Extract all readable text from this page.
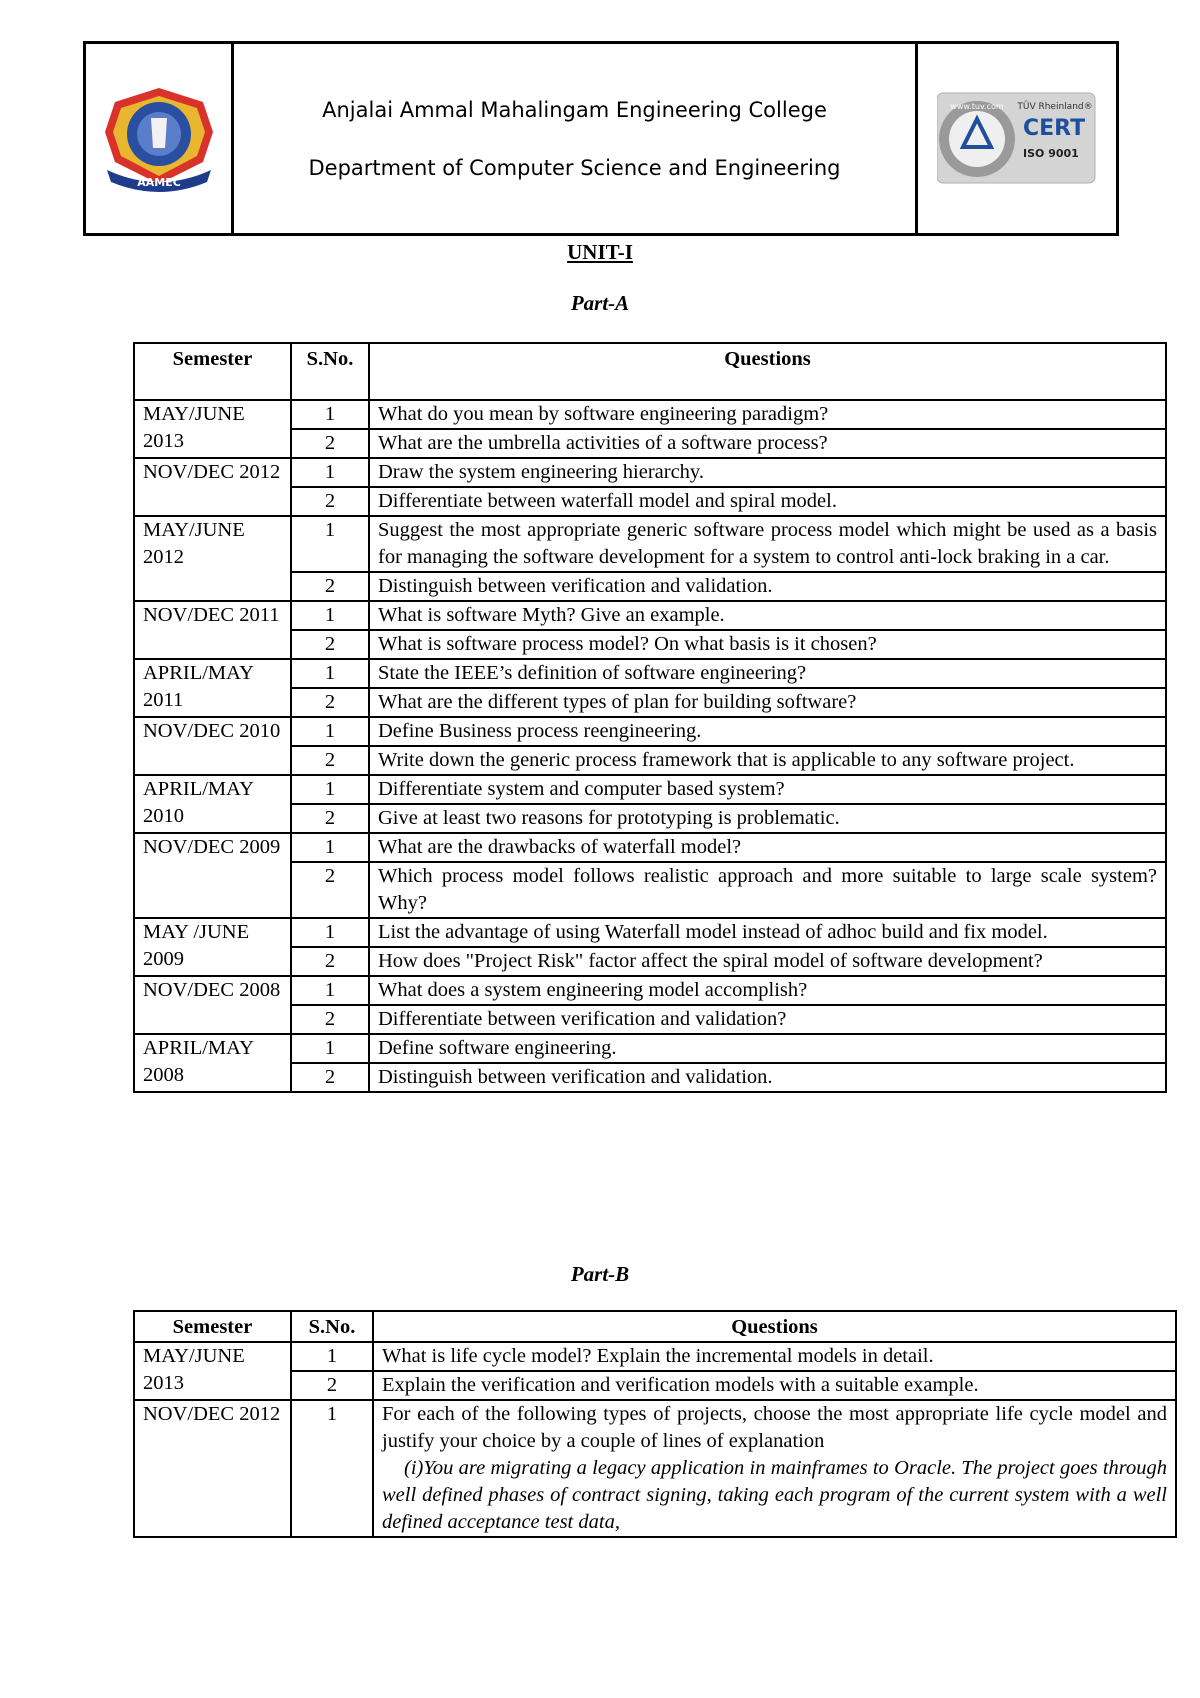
AAMEC
Anjalai Ammal Mahalingam Engineering College
Department of Computer Science and Engineering
www.tuv.com TÜV Rheinland®
CERT
ISO 9001
UNIT-I
Part-A
Semester	S.No.	Questions
MAY/JUNE 2013	1	What do you mean by software engineering paradigm?
	2	What are the umbrella activities of a software process?
NOV/DEC 2012	1	Draw the system engineering hierarchy.
	2	Differentiate between waterfall model and spiral model.
MAY/JUNE 2012	1	Suggest the most appropriate generic software process model which might be used as a basis for managing the software development for a system to control anti-lock braking in a car.
	2	Distinguish between verification and validation.
NOV/DEC 2011	1	What is software Myth? Give an example.
	2	What is software process model? On what basis is it chosen?
APRIL/MAY 2011	1	State the IEEE’s definition of software engineering?
	2	What are the different types of plan for building software?
NOV/DEC 2010	1	Define Business process reengineering.
	2	Write down the generic process framework that is applicable to any software project.
APRIL/MAY 2010	1	Differentiate system and computer based system?
	2	Give at least two reasons for prototyping is problematic.
NOV/DEC 2009	1	What are the drawbacks of waterfall model?
	2	Which process model follows realistic approach and more suitable to large scale system? Why?
MAY /JUNE 2009	1	List the advantage of using Waterfall model instead of adhoc build and fix model.
	2	How does "Project Risk" factor affect the spiral model of software development?
NOV/DEC 2008	1	What does a system engineering model accomplish?
	2	Differentiate between verification and validation?
APRIL/MAY 2008	1	Define software engineering.
	2	Distinguish between verification and validation.
Part-B
Semester	S.No.	Questions
MAY/JUNE 2013	1	What is life cycle model? Explain the incremental models in detail.
	2	Explain the verification and verification models with a suitable example.
NOV/DEC 2012	1	For each of the following types of projects, choose the most appropriate life cycle model and justify your choice by a couple of lines of explanation
(i)You are migrating a legacy application in mainframes to Oracle. The project goes through well defined phases of contract signing, taking each program of the current system with a well defined acceptance test data,
